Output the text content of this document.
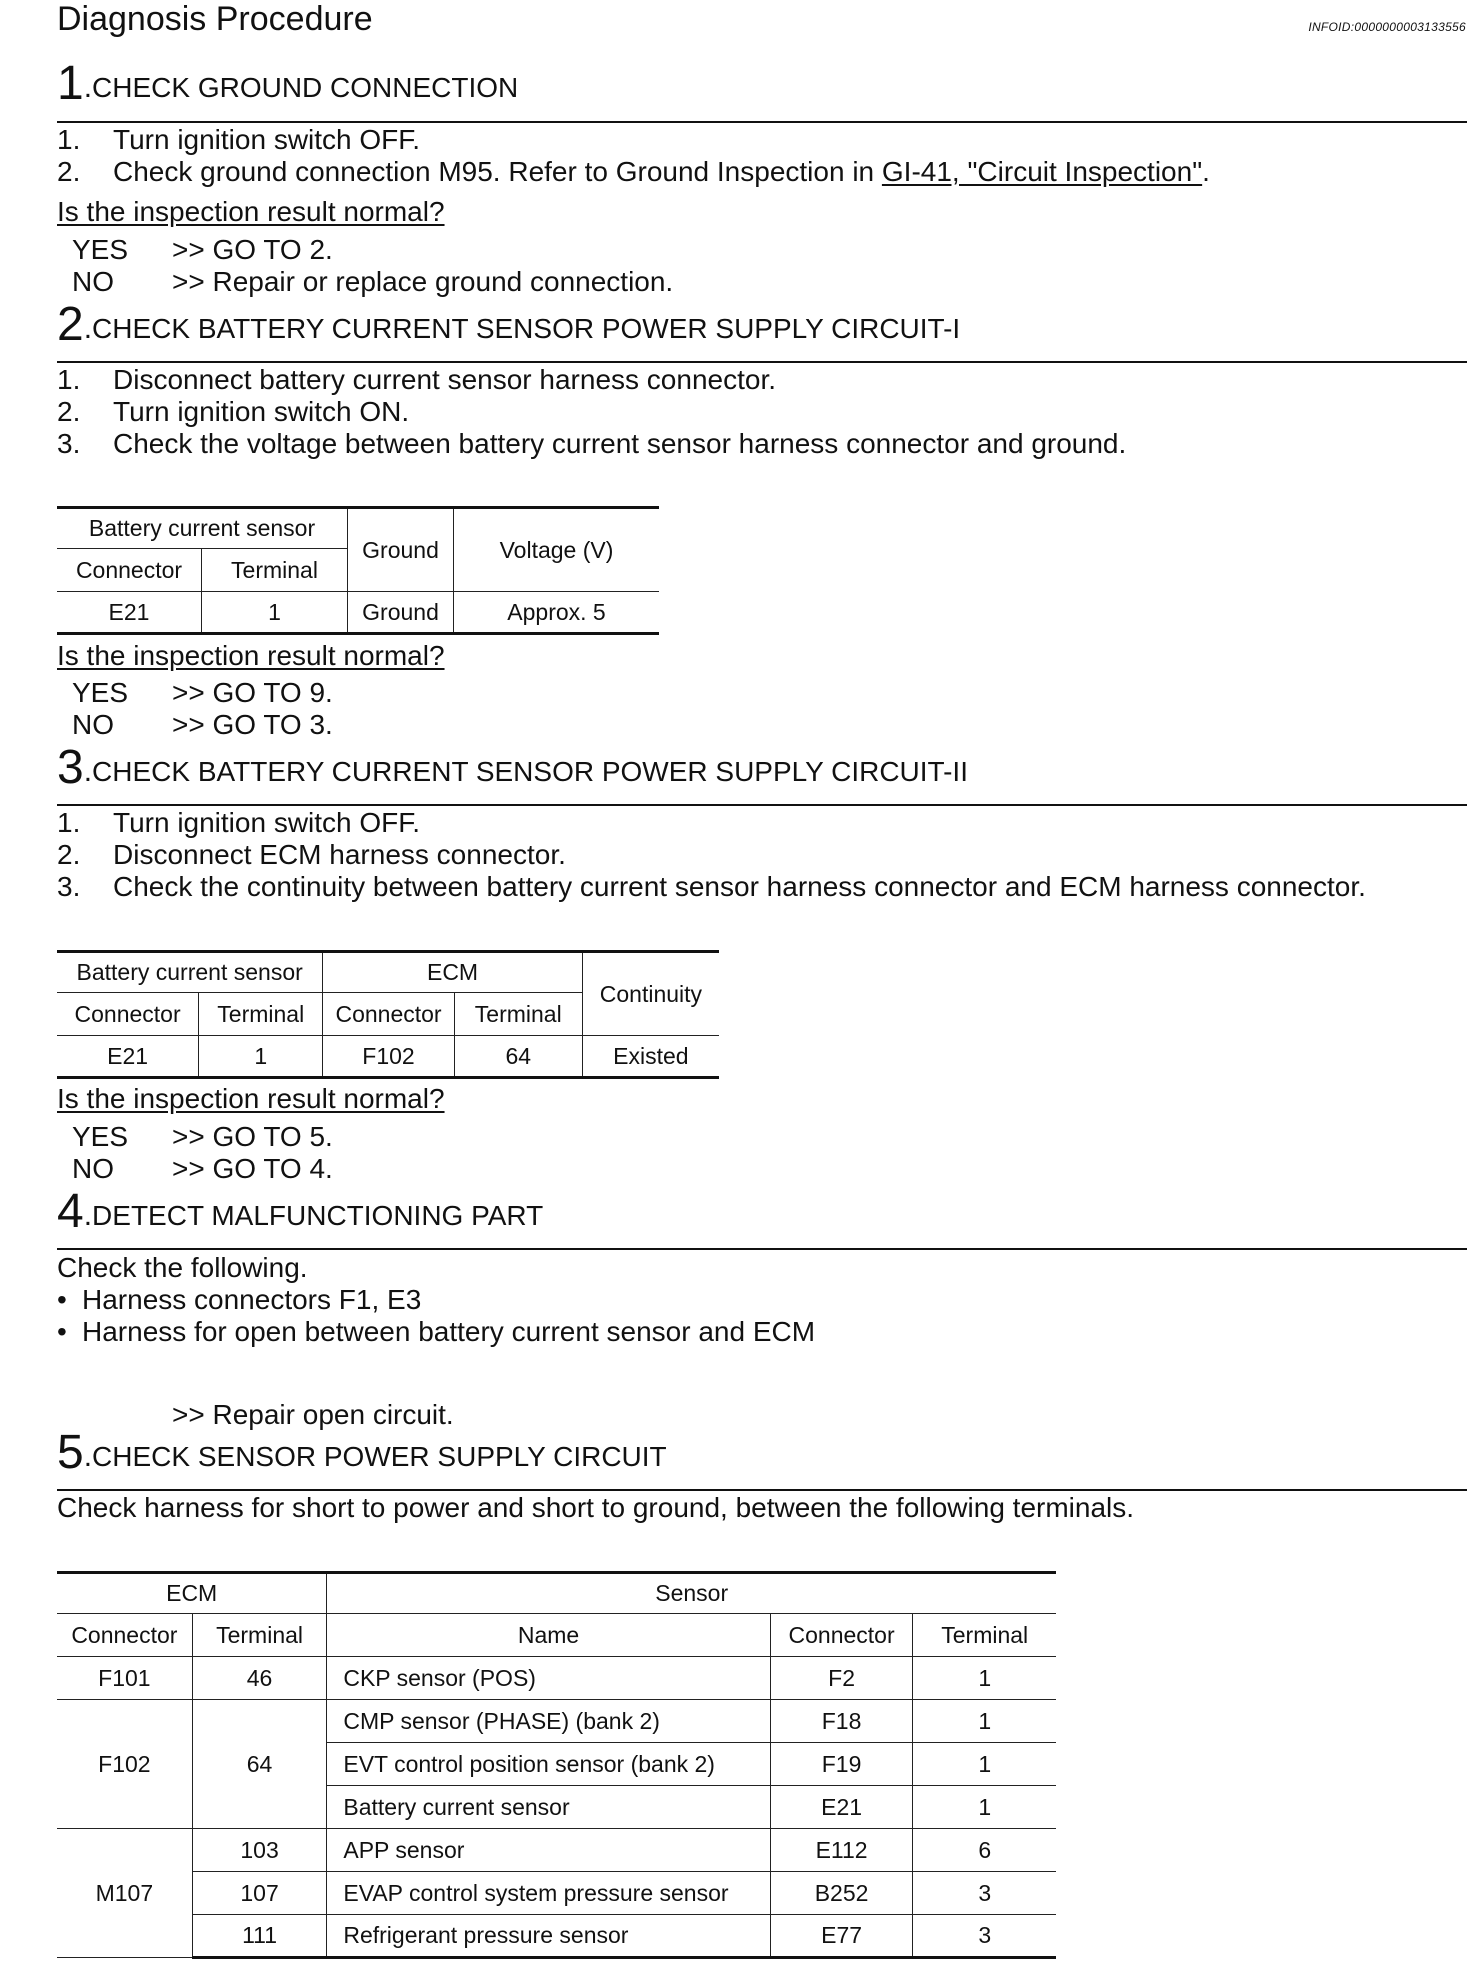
Diagnosis Procedure	INFOID:0000000003133556
1.CHECK GROUND CONNECTION
1. Turn ignition switch OFF.
2. Check ground connection M95. Refer to Ground Inspection in GI-41, "Circuit Inspection".
Is the inspection result normal?
YES >> GO TO 2.
NO >> Repair or replace ground connection.
2.CHECK BATTERY CURRENT SENSOR POWER SUPPLY CIRCUIT-I
1. Disconnect battery current sensor harness connector.
2. Turn ignition switch ON.
3. Check the voltage between battery current sensor harness connector and ground.
Battery current sensor		Ground	Voltage (V)
Connector	Terminal		
E21	1	Ground	Approx. 5
Is the inspection result normal?
YES >> GO TO 9.
NO >> GO TO 3.
3.CHECK BATTERY CURRENT SENSOR POWER SUPPLY CIRCUIT-II
1. Turn ignition switch OFF.
2. Disconnect ECM harness connector.
3. Check the continuity between battery current sensor harness connector and ECM harness connector.
Battery current sensor		ECM		Continuity
Connector	Terminal	Connector	Terminal	
E21	1	F102	64	Existed
Is the inspection result normal?
YES >> GO TO 5.
NO >> GO TO 4.
4.DETECT MALFUNCTIONING PART
Check the following.
• Harness connectors F1, E3
• Harness for open between battery current sensor and ECM
>> Repair open circuit.
5.CHECK SENSOR POWER SUPPLY CIRCUIT
Check harness for short to power and short to ground, between the following terminals.
ECM		Sensor		
Connector	Terminal	Name	Connector	Terminal
F101	46	CKP sensor (POS)	F2	1
F102	64	CMP sensor (PHASE) (bank 2)	F18	1
		EVT control position sensor (bank 2)	F19	1
		Battery current sensor	E21	1
M107	103	APP sensor	E112	6
	107	EVAP control system pressure sensor	B252	3
	111	Refrigerant pressure sensor	E77	3
